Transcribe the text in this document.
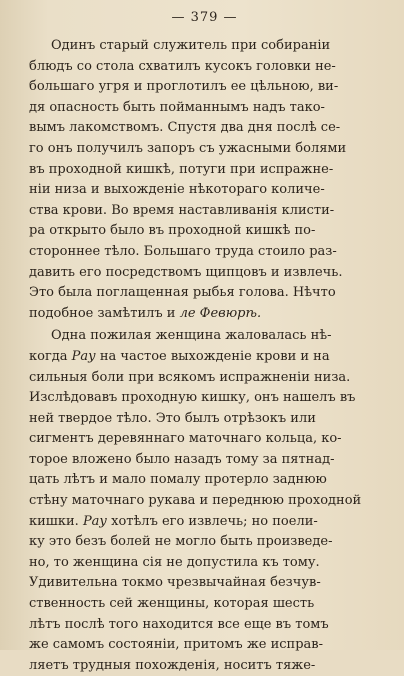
— 379 —
Одинъ старый служитель при собираніи
блюдъ со стола схватилъ кусокъ головки не-
большаго угря и проглотилъ ее цѣльною, ви-
дя опасность быть пойманнымъ надъ тако-
вымъ лакомствомъ. Спустя два дня послѣ се-
го онъ получилъ запоръ съ ужасными болями
въ проходной кишкѣ, потуги при испражне-
ніи низа и выхожденіе нѣкотораго количе-
ства крови. Во время наставливанія клисти-
ра открыто было въ проходной кишкѣ по-
стороннее тѣло. Большаго труда стоило раз-
давить его посредствомъ щипцовъ и извлечь.
Это была поглащенная рыбья голова. Нѣчто
подобное замѣтилъ и ле Февюрѣ.
Одна пожилая женщина жаловалась нѣ-
когда Рау на частое выхожденіе крови и на
сильныя боли при всякомъ испражненіи низа.
Изслѣдовавъ проходную кишку, онъ нашелъ въ
ней твердое тѣло. Это былъ отрѣзокъ или
сигментъ деревяннаго маточнаго кольца, ко-
торое вложено было назадъ тому за пятнад-
цать лѣтъ и мало помалу протерло заднюю
стѣну маточнаго рукава и переднюю проходной
кишки. Рау хотѣлъ его извлечь; но поели-
ку это безъ болей не могло быть произведе-
но, то женщина сія не допустила къ тому.
Удивительна токмо чрезвычайная безчув-
ственность сей женщины, которая шесть
лѣтъ послѣ того находится все еще въ томъ
же самомъ состояніи, притомъ же исправ-
ляетъ трудныя похожденія, носитъ тяже-
